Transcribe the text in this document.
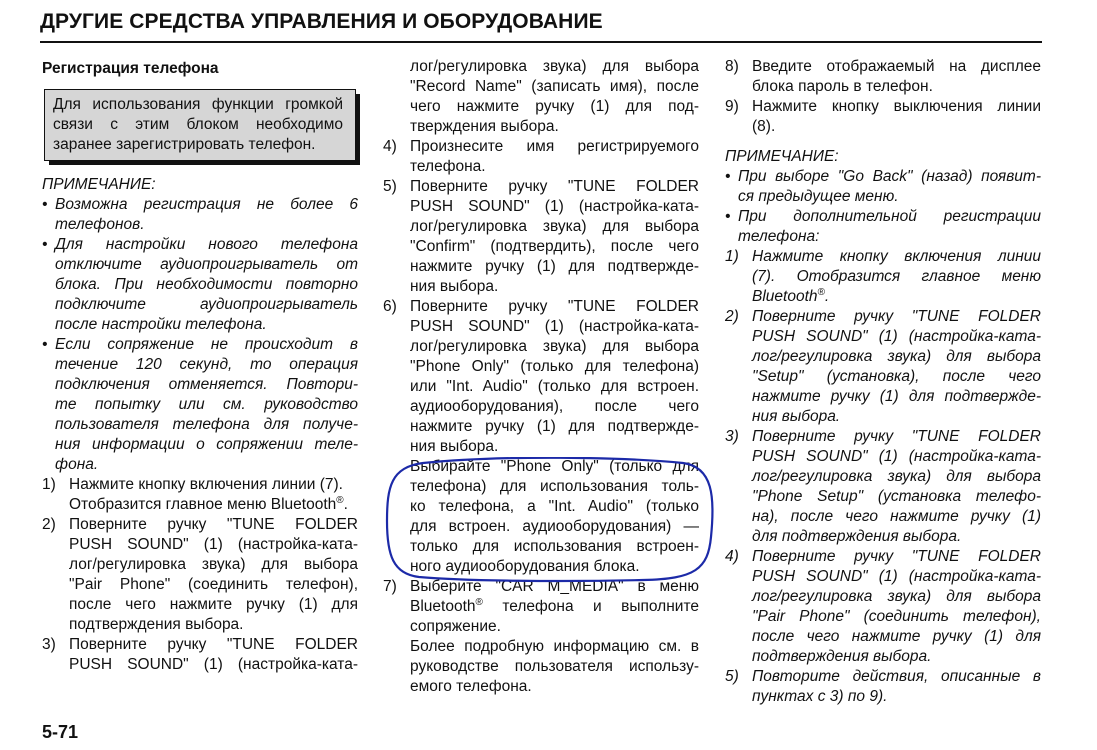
ДРУГИЕ СРЕДСТВА УПРАВЛЕНИЯ И ОБОРУДОВАНИЕ
Регистрация телефона
Для использования функции громкой
связи с этим блоком необходимо
заранее зарегистрировать телефон.
ПРИМЕЧАНИЕ:
• Возможна регистрация не более 6
телефонов.
• Для настройки нового телефона
отключите аудиопроигрыватель от
блока. При необходимости повторно
подключите аудиопроигрыватель
после настройки телефона.
• Если сопряжение не происходит в
течение 120 секунд, то операция
подключения отменяется. Повтори-
те попытку или см. руководство
пользователя телефона для получе-
ния информации о сопряжении теле-
фона.
1) Нажмите кнопку включения линии (7).
Отобразится главное меню Bluetooth®.
2) Поверните ручку "TUNE FOLDER
PUSH SOUND" (1) (настройка-ката-
лог/регулировка звука) для выбора
"Pair Phone" (соединить телефон),
после чего нажмите ручку (1) для
подтверждения выбора.
3) Поверните ручку "TUNE FOLDER
PUSH SOUND" (1) (настройка-ката-
лог/регулировка звука) для выбора
"Record Name" (записать имя), после
чего нажмите ручку (1) для под-
тверждения выбора.
4) Произнесите имя регистрируемого
телефона.
5) Поверните ручку "TUNE FOLDER
PUSH SOUND" (1) (настройка-ката-
лог/регулировка звука) для выбора
"Confirm" (подтвердить), после чего
нажмите ручку (1) для подтвержде-
ния выбора.
6) Поверните ручку "TUNE FOLDER
PUSH SOUND" (1) (настройка-ката-
лог/регулировка звука) для выбора
"Phone Only" (только для телефона)
или "Int. Audio" (только для встроен.
аудиооборудования), после чего
нажмите ручку (1) для подтвержде-
ния выбора.
Выбирайте "Phone Only" (только для
телефона) для использования толь-
ко телефона, а "Int. Audio" (только
для встроен. аудиооборудования) —
только для использования встроен-
ного аудиооборудования блока.
7) Выберите "CAR M_MEDIA" в меню
Bluetooth® телефона и выполните
сопряжение.
Более подробную информацию см. в
руководстве пользователя использу-
емого телефона.
8) Введите отображаемый на дисплее
блока пароль в телефон.
9) Нажмите кнопку выключения линии
(8).
ПРИМЕЧАНИЕ:
• При выборе "Go Back" (назад) появит-
ся предыдущее меню.
• При дополнительной регистрации
телефона:
1) Нажмите кнопку включения линии
(7). Отобразится главное меню
Bluetooth®.
2) Поверните ручку "TUNE FOLDER
PUSH SOUND" (1) (настройка-ката-
лог/регулировка звука) для выбора
"Setup" (установка), после чего
нажмите ручку (1) для подтвержде-
ния выбора.
3) Поверните ручку "TUNE FOLDER
PUSH SOUND" (1) (настройка-ката-
лог/регулировка звука) для выбора
"Phone Setup" (установка телефо-
на), после чего нажмите ручку (1)
для подтверждения выбора.
4) Поверните ручку "TUNE FOLDER
PUSH SOUND" (1) (настройка-ката-
лог/регулировка звука) для выбора
"Pair Phone" (соединить телефон),
после чего нажмите ручку (1) для
подтверждения выбора.
5) Повторите действия, описанные в
пунктах с 3) по 9).
5-71
